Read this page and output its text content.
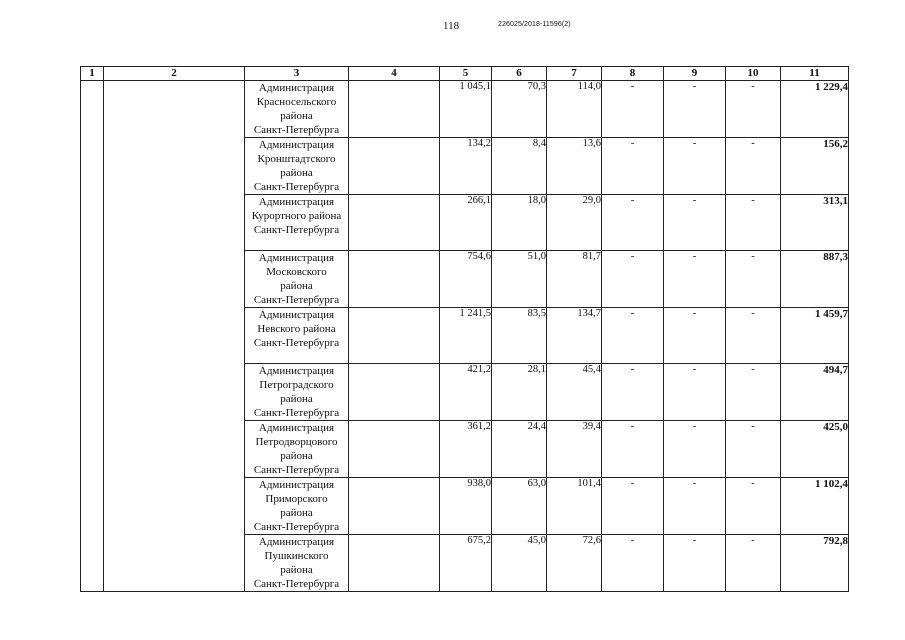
118	226025/2018-11596(2)
1	2	3	4	5	6	7	8	9	10	11
		Администрация
Красносельского
района
Санкт-Петербурга		1 045,1	70,3	114,0	-	-	-	1 229,4
		Администрация
Кронштадтского
района
Санкт-Петербурга		134,2	8,4	13,6	-	-	-	156,2
		Администрация
Курортного района
Санкт-Петербурга		266,1	18,0	29,0	-	-	-	313,1
		Администрация
Московского
района
Санкт-Петербурга		754,6	51,0	81,7	-	-	-	887,3
		Администрация
Невского района
Санкт-Петербурга		1 241,5	83,5	134,7	-	-	-	1 459,7
		Администрация
Петроградского
района
Санкт-Петербурга		421,2	28,1	45,4	-	-	-	494,7
		Администрация
Петродворцового
района
Санкт-Петербурга		361,2	24,4	39,4	-	-	-	425,0
		Администрация
Приморского
района
Санкт-Петербурга		938,0	63,0	101,4	-	-	-	1 102,4
		Администрация
Пушкинского
района
Санкт-Петербурга		675,2	45,0	72,6	-	-	-	792,8
